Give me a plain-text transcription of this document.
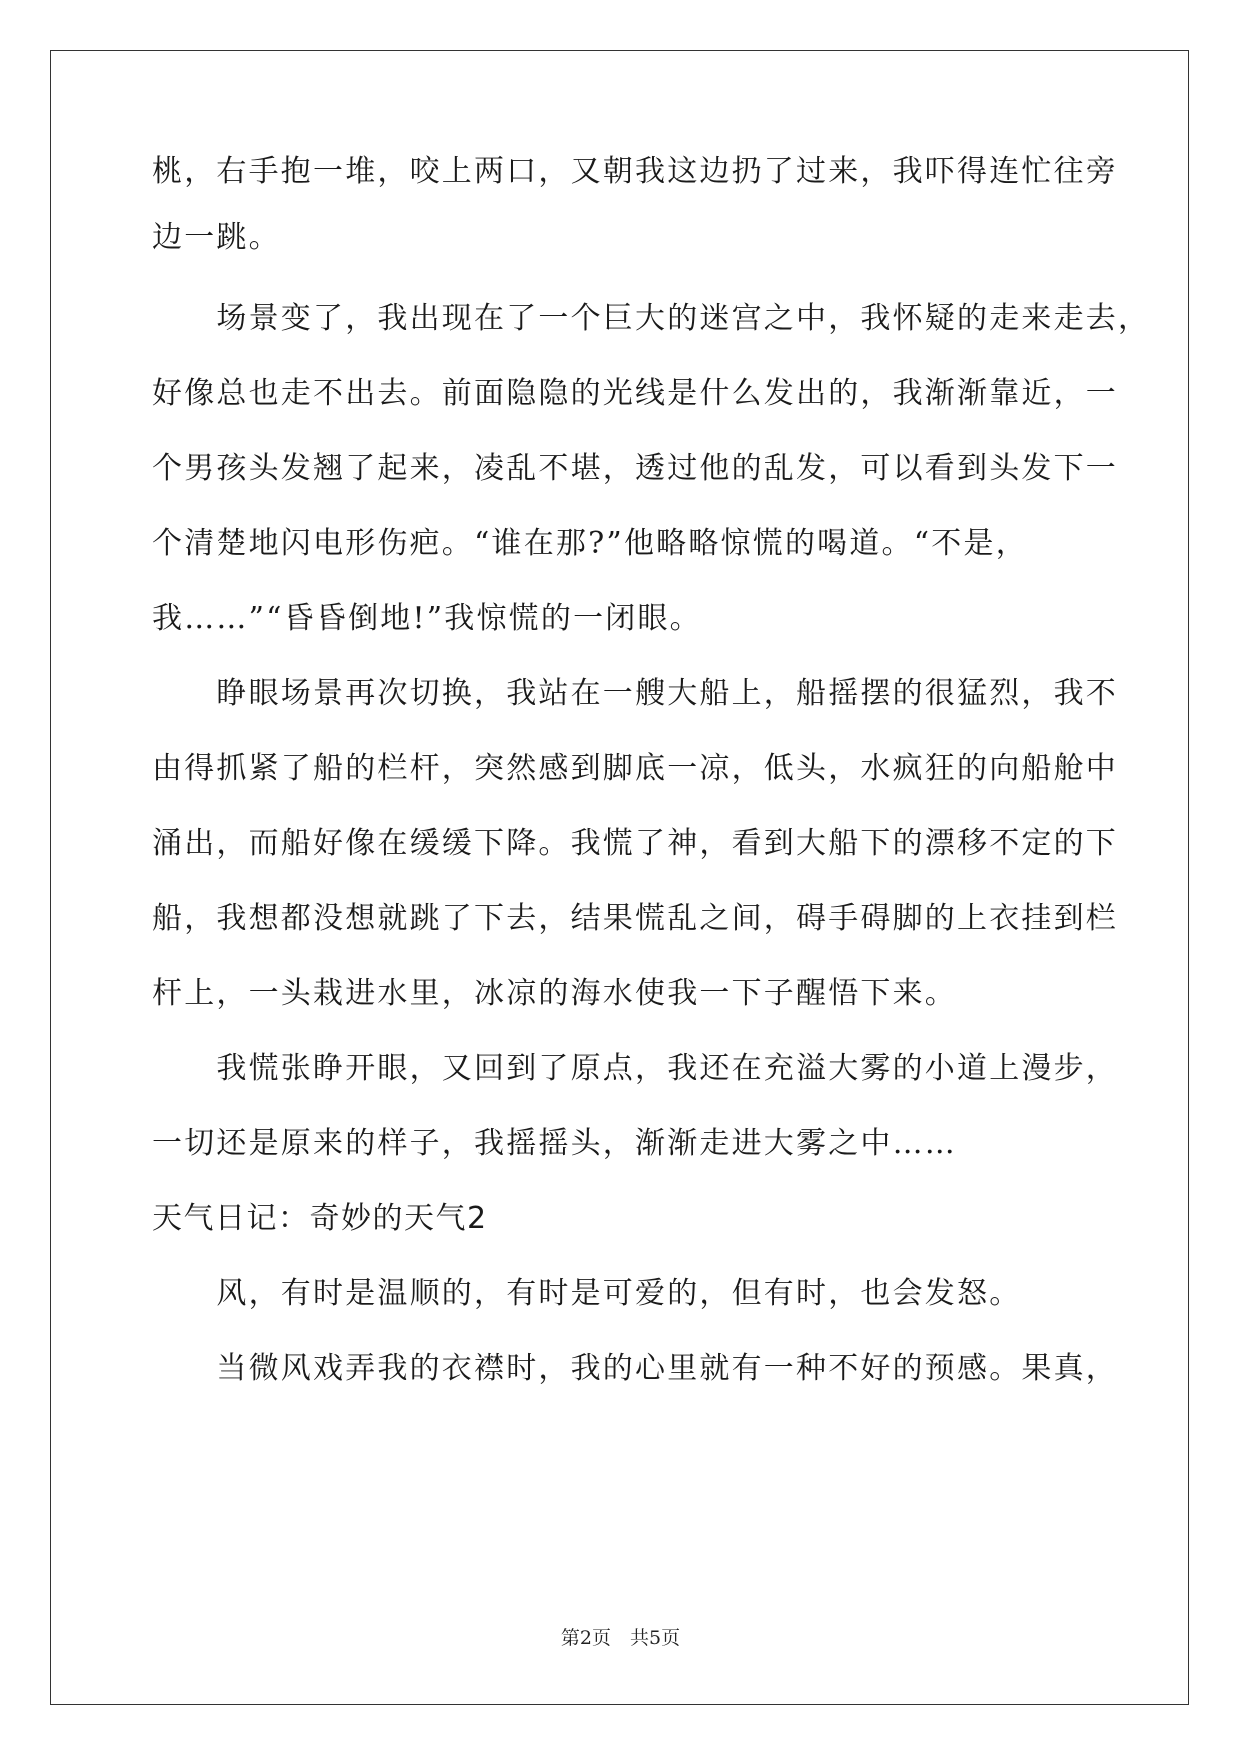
桃，右手抱一堆，咬上两口，又朝我这边扔了过来，我吓得连忙往旁
边一跳。
　　场景变了，我出现在了一个巨大的迷宫之中，我怀疑的走来走去，
好像总也走不出去。前面隐隐的光线是什么发出的，我渐渐靠近，一
个男孩头发翘了起来，凌乱不堪，透过他的乱发，可以看到头发下一
个清楚地闪电形伤疤。“谁在那?”他略略惊慌的喝道。“不是，
我……”“昏昏倒地!”我惊慌的一闭眼。
　　睁眼场景再次切换，我站在一艘大船上，船摇摆的很猛烈，我不
由得抓紧了船的栏杆，突然感到脚底一凉，低头，水疯狂的向船舱中
涌出，而船好像在缓缓下降。我慌了神，看到大船下的漂移不定的下
船，我想都没想就跳了下去，结果慌乱之间，碍手碍脚的上衣挂到栏
杆上，一头栽进水里，冰凉的海水使我一下子醒悟下来。
　　我慌张睁开眼，又回到了原点，我还在充溢大雾的小道上漫步，
一切还是原来的样子，我摇摇头，渐渐走进大雾之中……
天气日记：奇妙的天气2
　　风，有时是温顺的，有时是可爱的，但有时，也会发怒。
　　当微风戏弄我的衣襟时，我的心里就有一种不好的预感。果真，
第2页　共5页
